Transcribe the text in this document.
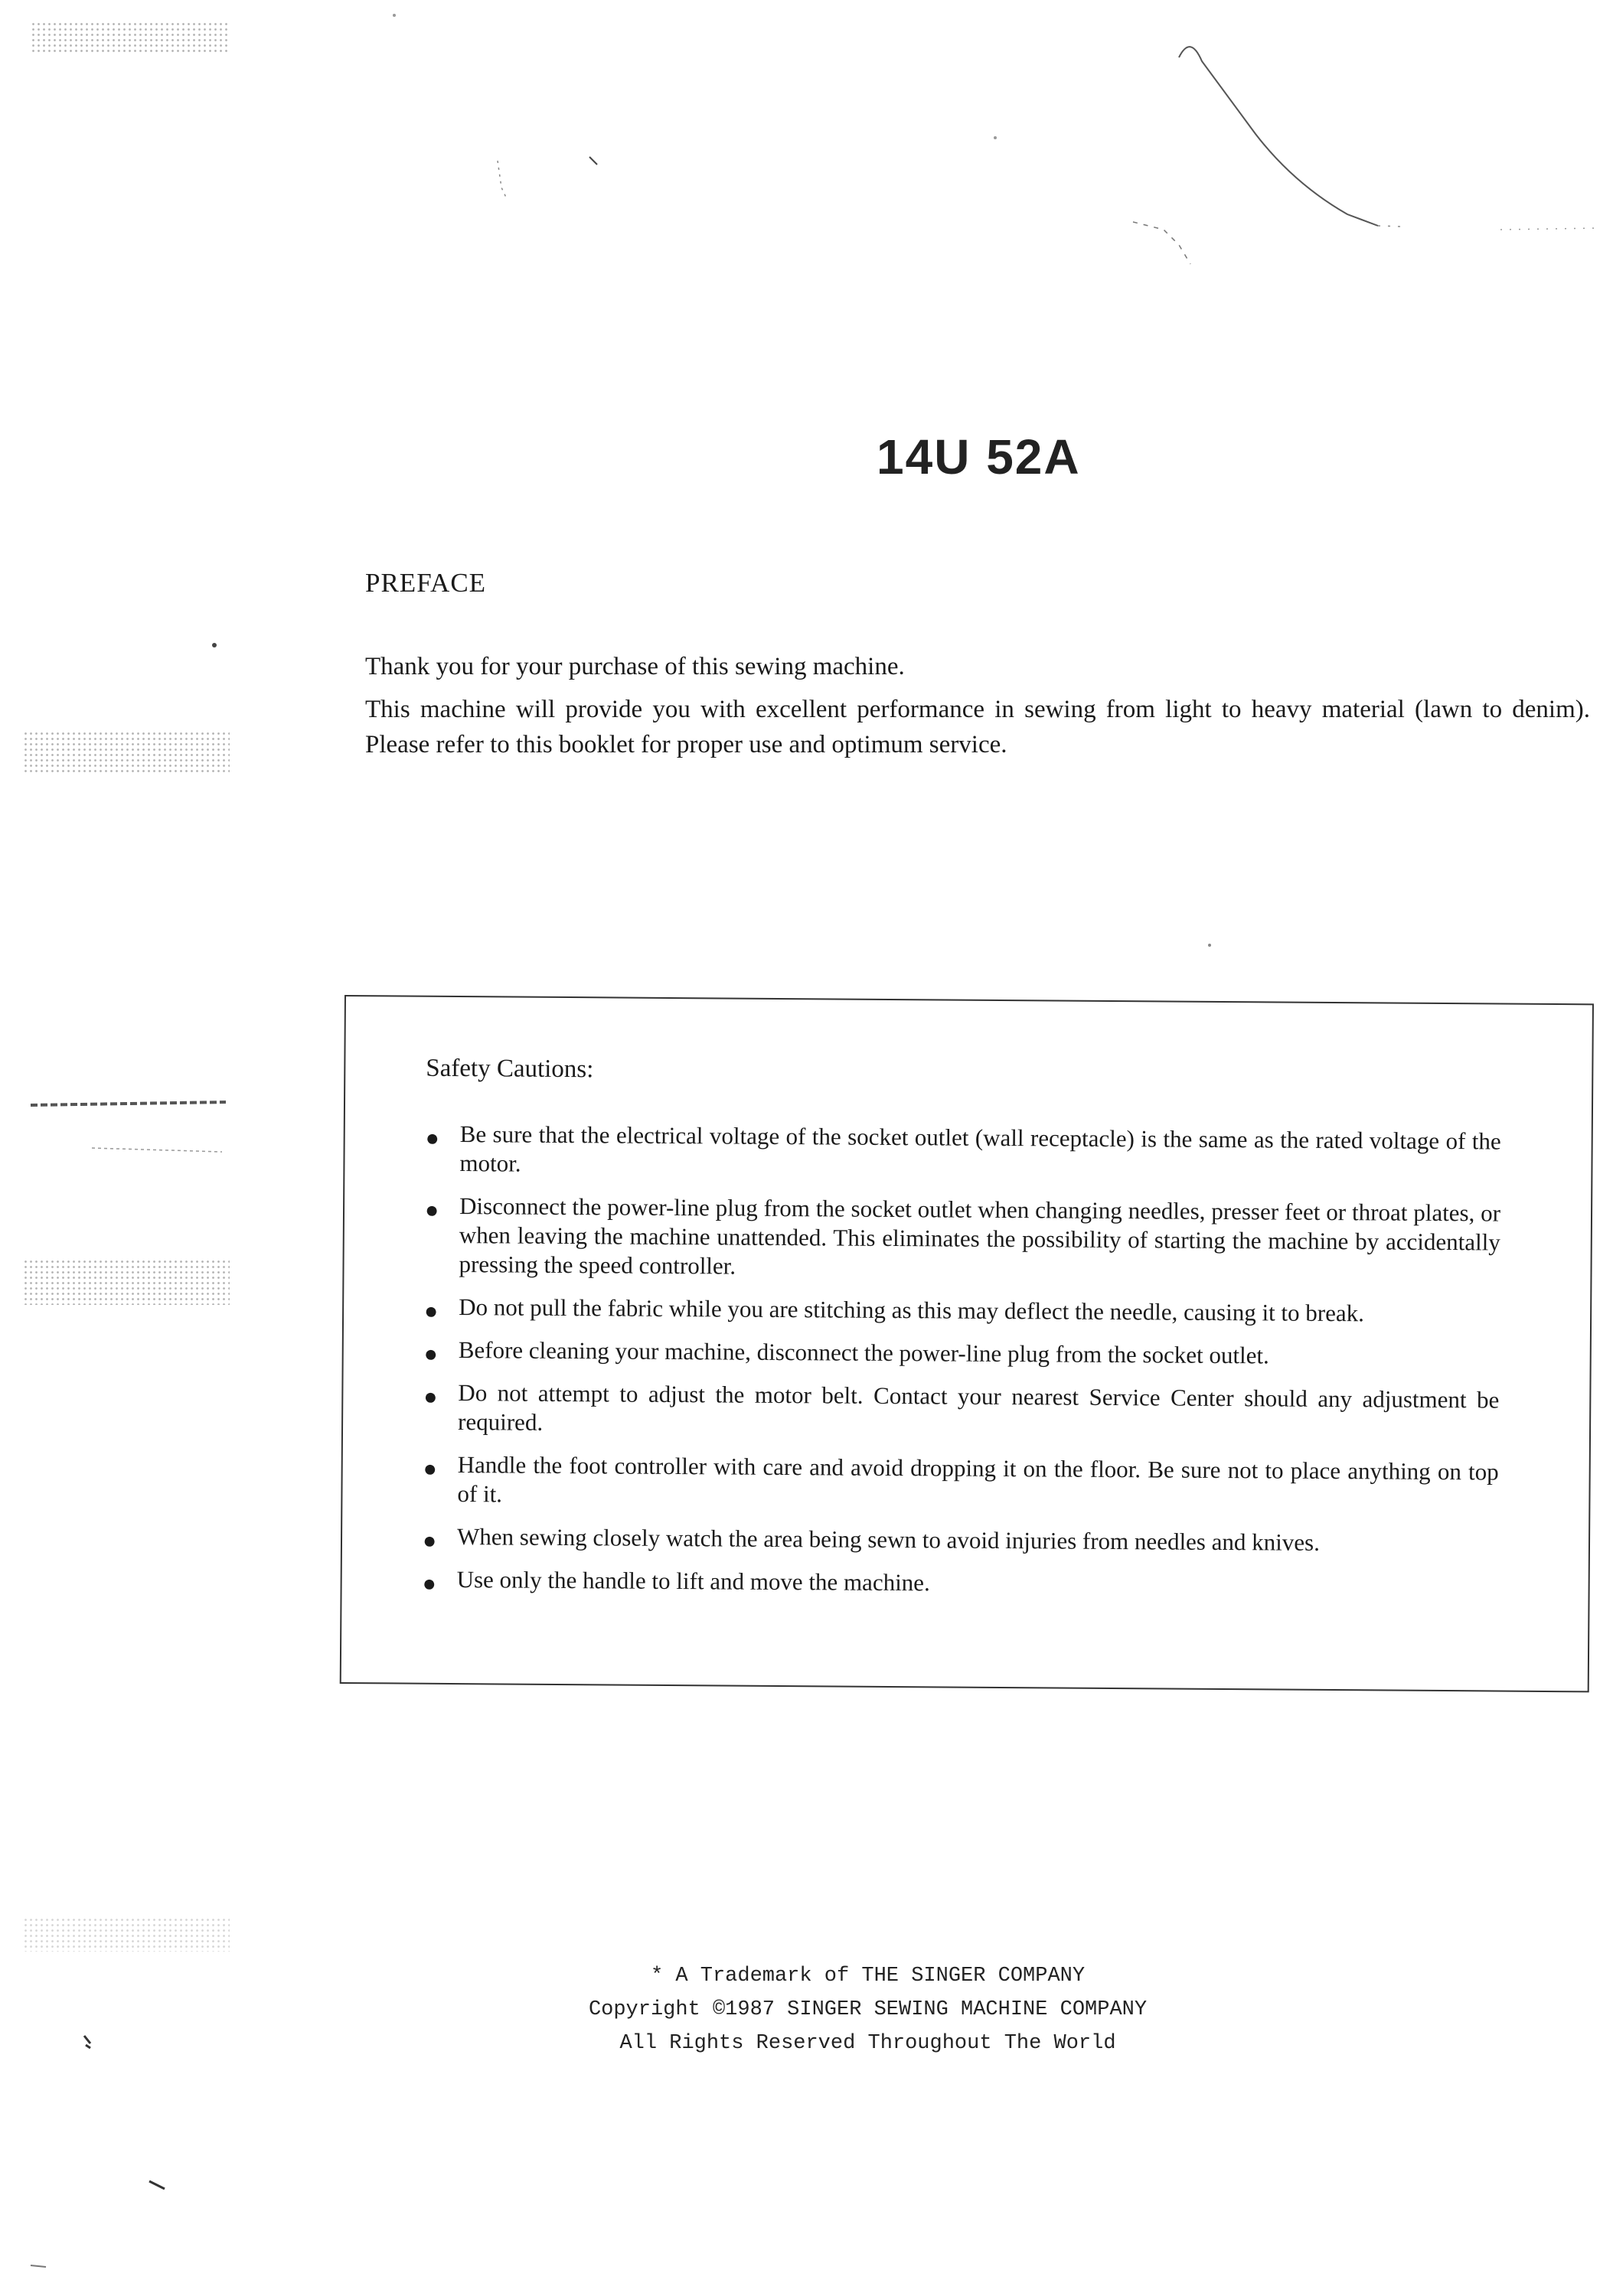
14U 52A
PREFACE

Thank you for your purchase of this sewing machine.

This machine will provide you with excellent performance in sewing from light to heavy material (lawn to denim). Please refer to this booklet for proper use and optimum service.

Safety Cautions:
● Be sure that the electrical voltage of the socket outlet (wall receptacle) is the same as the rated voltage of the motor.
● Disconnect the power-line plug from the socket outlet when changing needles, presser feet or throat plates, or when leaving the machine unattended. This eliminates the possibility of starting the machine by accidentally pressing the speed controller.
● Do not pull the fabric while you are stitching as this may deflect the needle, causing it to break.
● Before cleaning your machine, disconnect the power-line plug from the socket outlet.
● Do not attempt to adjust the motor belt. Contact your nearest Service Center should any adjustment be required.
● Handle the foot controller with care and avoid dropping it on the floor. Be sure not to place anything on top of it.
● When sewing closely watch the area being sewn to avoid injuries from needles and knives.
● Use only the handle to lift and move the machine.
* A Trademark of THE SINGER COMPANY
Copyright ©1987 SINGER SEWING MACHINE COMPANY
All Rights Reserved Throughout The World
